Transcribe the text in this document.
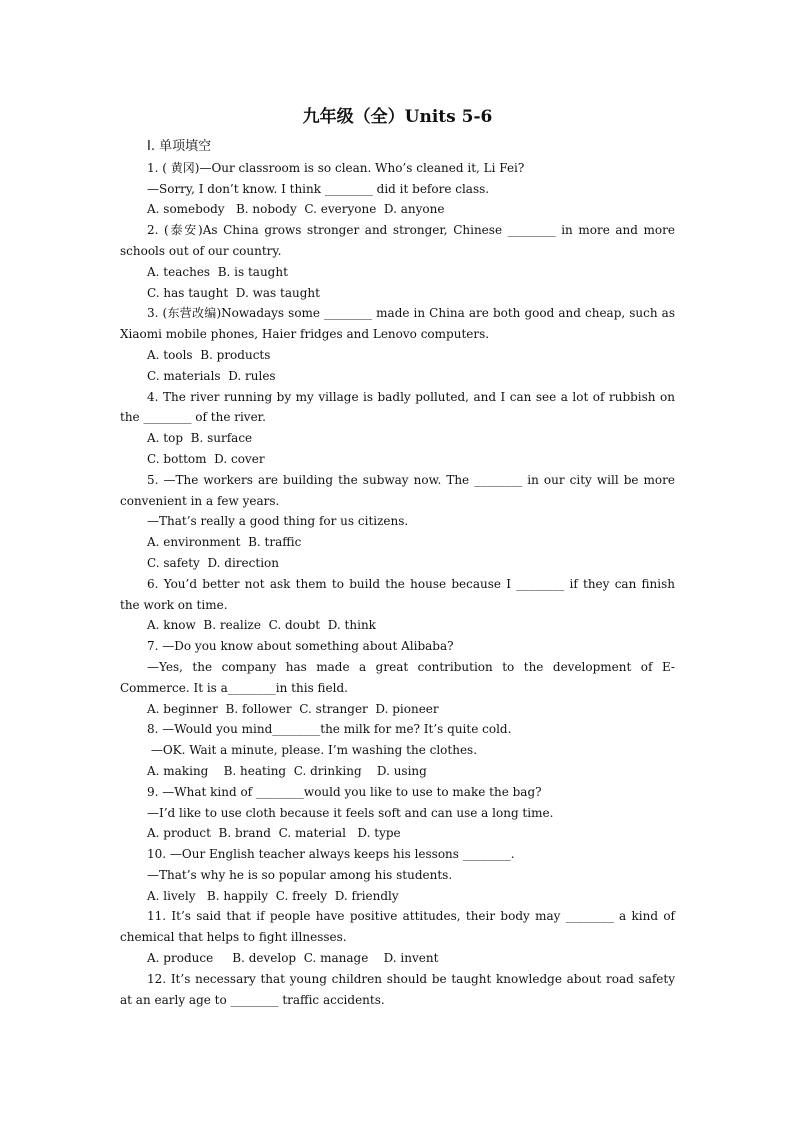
九年级（全）Units 5-6
Ⅰ. 单项填空
1. ( 黄冈)—Our classroom is so clean. Who’s cleaned it, Li Fei?
—Sorry, I don’t know. I think ________ did it before class.
A. somebody   B. nobody  C. everyone  D. anyone
2. (泰安)As China grows stronger and stronger, Chinese ________ in more and more schools out of our country.
A. teaches  B. is taught
C. has taught  D. was taught
3. (东营改编)Nowadays some ________ made in China are both good and cheap, such as Xiaomi mobile phones, Haier fridges and Lenovo computers.
A. tools  B. products
C. materials  D. rules
4. The river running by my village is badly polluted, and I can see a lot of rubbish on the ________ of the river.
A. top  B. surface
C. bottom  D. cover
5. —The workers are building the subway now. The ________ in our city will be more convenient in a few years.
—That’s really a good thing for us citizens.
A. environment  B. traffic
C. safety  D. direction
6. You’d better not ask them to build the house because I ________ if they can finish the work on time.
A. know  B. realize  C. doubt  D. think
7. —Do you know about something about Alibaba?
—Yes, the company has made a great contribution to the development of E-Commerce. It is a________in this field.
A. beginner  B. follower  C. stranger  D. pioneer
8. —Would you mind________the milk for me? It’s quite cold.
—OK. Wait a minute, please. I’m washing the clothes.
A. making    B. heating  C. drinking    D. using
9. —What kind of ________would you like to use to make the bag?
—I’d like to use cloth because it feels soft and can use a long time.
A. product  B. brand  C. material   D. type
10. —Our English teacher always keeps his lessons ________.
—That’s why he is so popular among his students.
A. lively   B. happily  C. freely  D. friendly
11. It’s said that if people have positive attitudes, their body may ________ a kind of chemical that helps to fight illnesses.
A. produce     B. develop  C. manage    D. invent
12. It’s necessary that young children should be taught knowledge about road safety at an early age to ________ traffic accidents.
